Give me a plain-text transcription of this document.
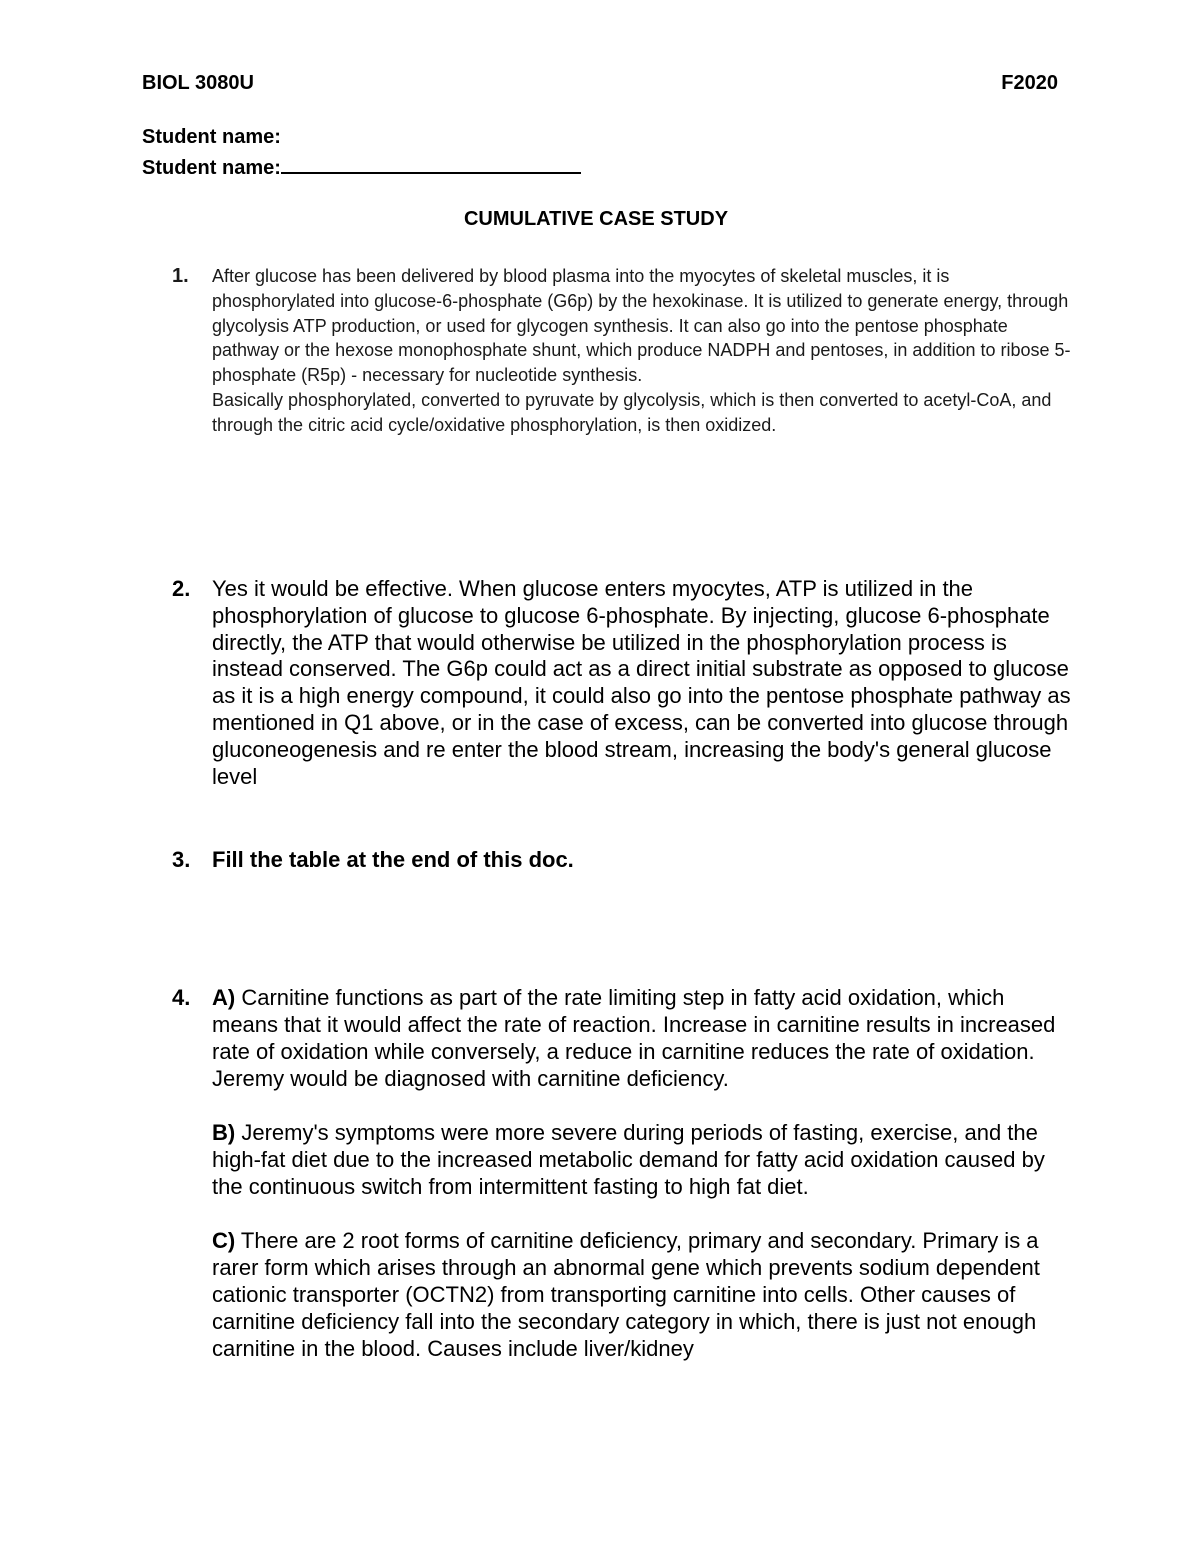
BIOL 3080U	F2020
Student name:
Student name:
CUMULATIVE CASE STUDY
1. After glucose has been delivered by blood plasma into the myocytes of skeletal muscles, it is phosphorylated into glucose-6-phosphate (G6p) by the hexokinase. It is utilized to generate energy, through glycolysis ATP production, or used for glycogen synthesis. It can also go into the pentose phosphate pathway or the hexose monophosphate shunt, which produce NADPH and pentoses, in addition to ribose 5-phosphate (R5p) - necessary for nucleotide synthesis.

Basically phosphorylated, converted to pyruvate by glycolysis, which is then converted to acetyl-CoA, and through the citric acid cycle/oxidative phosphorylation, is then oxidized.

2. Yes it would be effective. When glucose enters myocytes, ATP is utilized in the phosphorylation of glucose to glucose 6-phosphate. By injecting, glucose 6-phosphate directly, the ATP that would otherwise be utilized in the phosphorylation process is instead conserved. The G6p could act as a direct initial substrate as opposed to glucose as it is a high energy compound, it could also go into the pentose phosphate pathway as mentioned in Q1 above, or in the case of excess, can be converted into glucose through gluconeogenesis and re enter the blood stream, increasing the body's general glucose level

3. Fill the table at the end of this doc.

4. A) Carnitine functions as part of the rate limiting step in fatty acid oxidation, which means that it would affect the rate of reaction. Increase in carnitine results in increased rate of oxidation while conversely, a reduce in carnitine reduces the rate of oxidation. Jeremy would be diagnosed with carnitine deficiency.

B) Jeremy's symptoms were more severe during periods of fasting, exercise, and the high-fat diet due to the increased metabolic demand for fatty acid oxidation caused by the continuous switch from intermittent fasting to high fat diet.

C) There are 2 root forms of carnitine deficiency, primary and secondary. Primary is a rarer form which arises through an abnormal gene which prevents sodium dependent cationic transporter (OCTN2) from transporting carnitine into cells. Other causes of carnitine deficiency fall into the secondary category in which, there is just not enough carnitine in the blood. Causes include liver/kidney
